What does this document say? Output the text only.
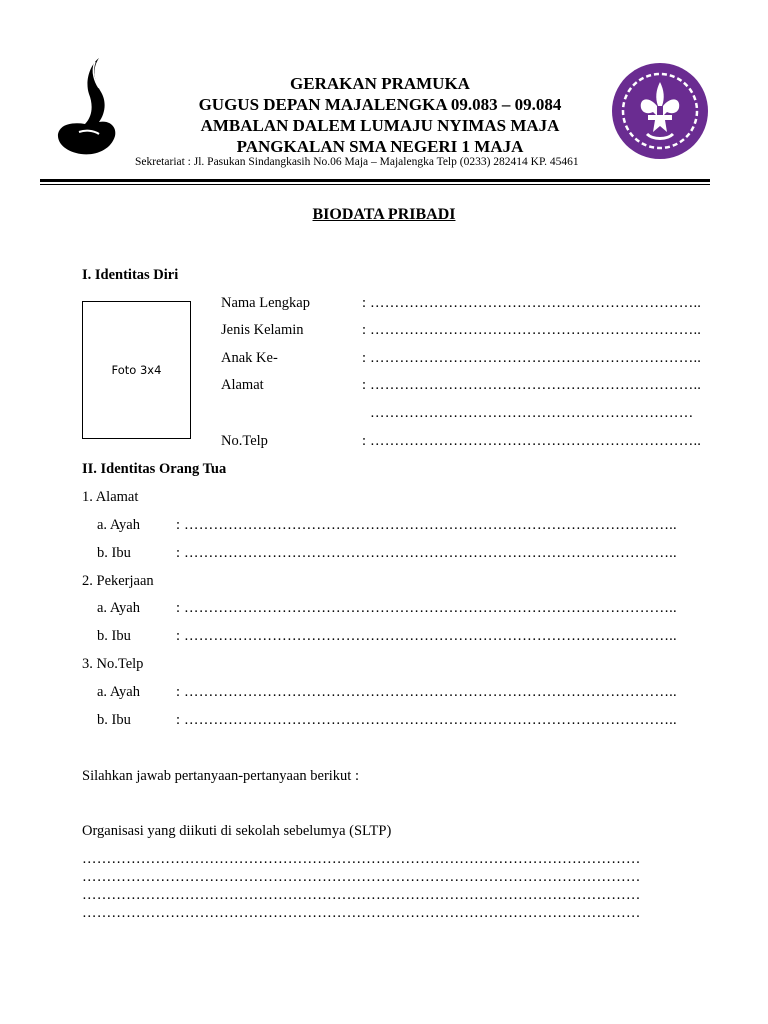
GERAKAN PRAMUKA
GUGUS DEPAN MAJALENGKA 09.083 – 09.084
AMBALAN DALEM LUMAJU NYIMAS MAJA
PANGKALAN SMA NEGERI 1 MAJA
Sekretariat : Jl. Pasukan Sindangkasih No.06 Maja – Majalengka Telp (0233) 282414 KP. 45461
BIODATA PRIBADI
I. Identitas Diri
Foto 3x4
Nama Lengkap	: …………………………………………………………..
Jenis Kelamin	: …………………………………………………………..
Anak Ke-	: …………………………………………………………..
Alamat	: …………………………………………………………..
…………………………………………………………
No.Telp	: …………………………………………………………..
II. Identitas Orang Tua
1. Alamat
a. Ayah : ………………………………………………………………………………………..
b. Ibu	: ………………………………………………………………………………………..
2. Pekerjaan
a. Ayah : ………………………………………………………………………………………..
b. Ibu	: ………………………………………………………………………………………..
3. No.Telp
a. Ayah : ………………………………………………………………………………………..
b. Ibu	: ………………………………………………………………………………………..
Silahkan jawab pertanyaan-pertanyaan berikut :
Organisasi yang diikuti di sekolah sebelumya (SLTP)
……………………………………………………………………………………………………
……………………………………………………………………………………………………
……………………………………………………………………………………………………
……………………………………………………………………………………………………
